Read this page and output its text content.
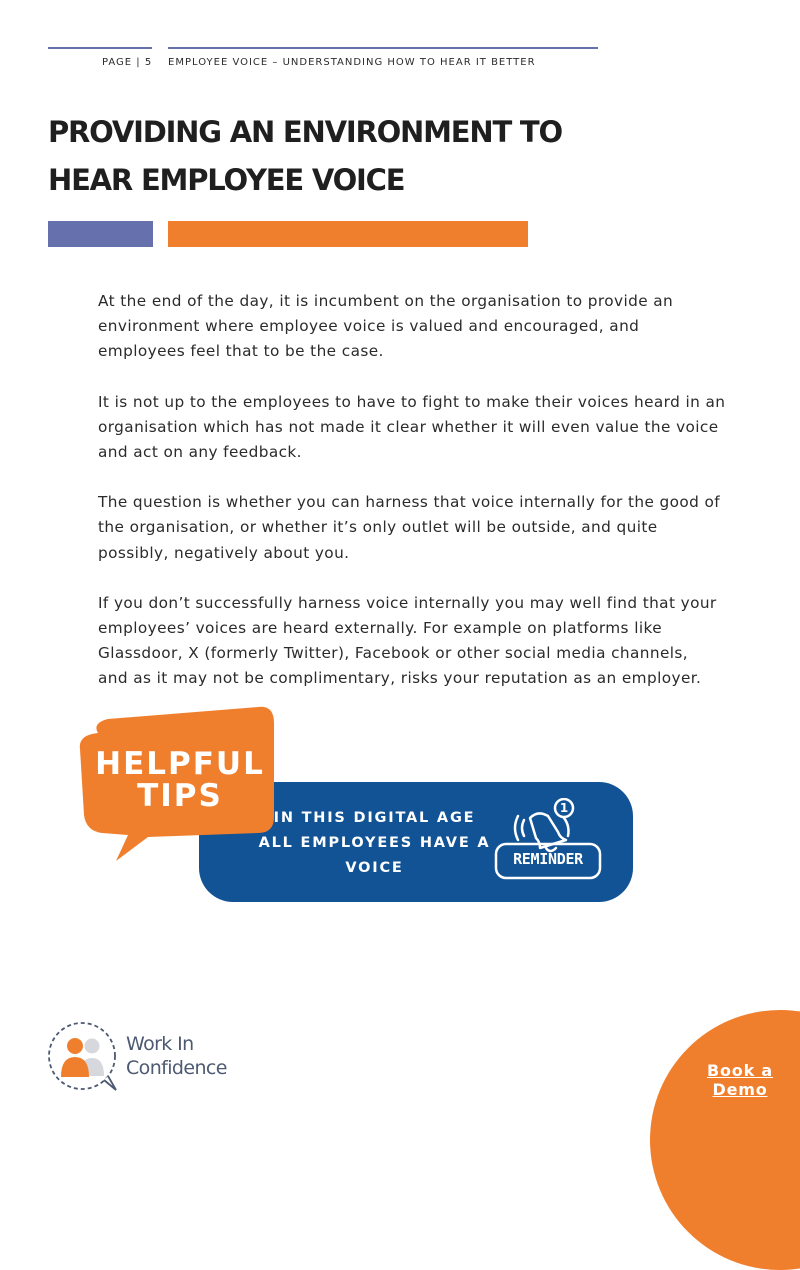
PAGE | 5 EMPLOYEE VOICE – UNDERSTANDING HOW TO HEAR IT BETTER
PROVIDING AN ENVIRONMENT TO
HEAR EMPLOYEE VOICE

At the end of the day, it is incumbent on the organisation to provide an
environment where employee voice is valued and encouraged, and
employees feel that to be the case.

It is not up to the employees to have to fight to make their voices heard in an
organisation which has not made it clear whether it will even value the voice
and act on any feedback.

The question is whether you can harness that voice internally for the good of
the organisation, or whether it’s only outlet will be outside, and quite
possibly, negatively about you.

If you don’t successfully harness voice internally you may well find that your
employees’ voices are heard externally. For example on platforms like
Glassdoor, X (formerly Twitter), Facebook or other social media channels,
and as it may not be complimentary, risks your reputation as an employer.

HELPFUL
TIPS
IN THIS DIGITAL AGE
ALL EMPLOYEES HAVE A
VOICE
1
REMINDER
Work In
Confidence	Book a
Demo
